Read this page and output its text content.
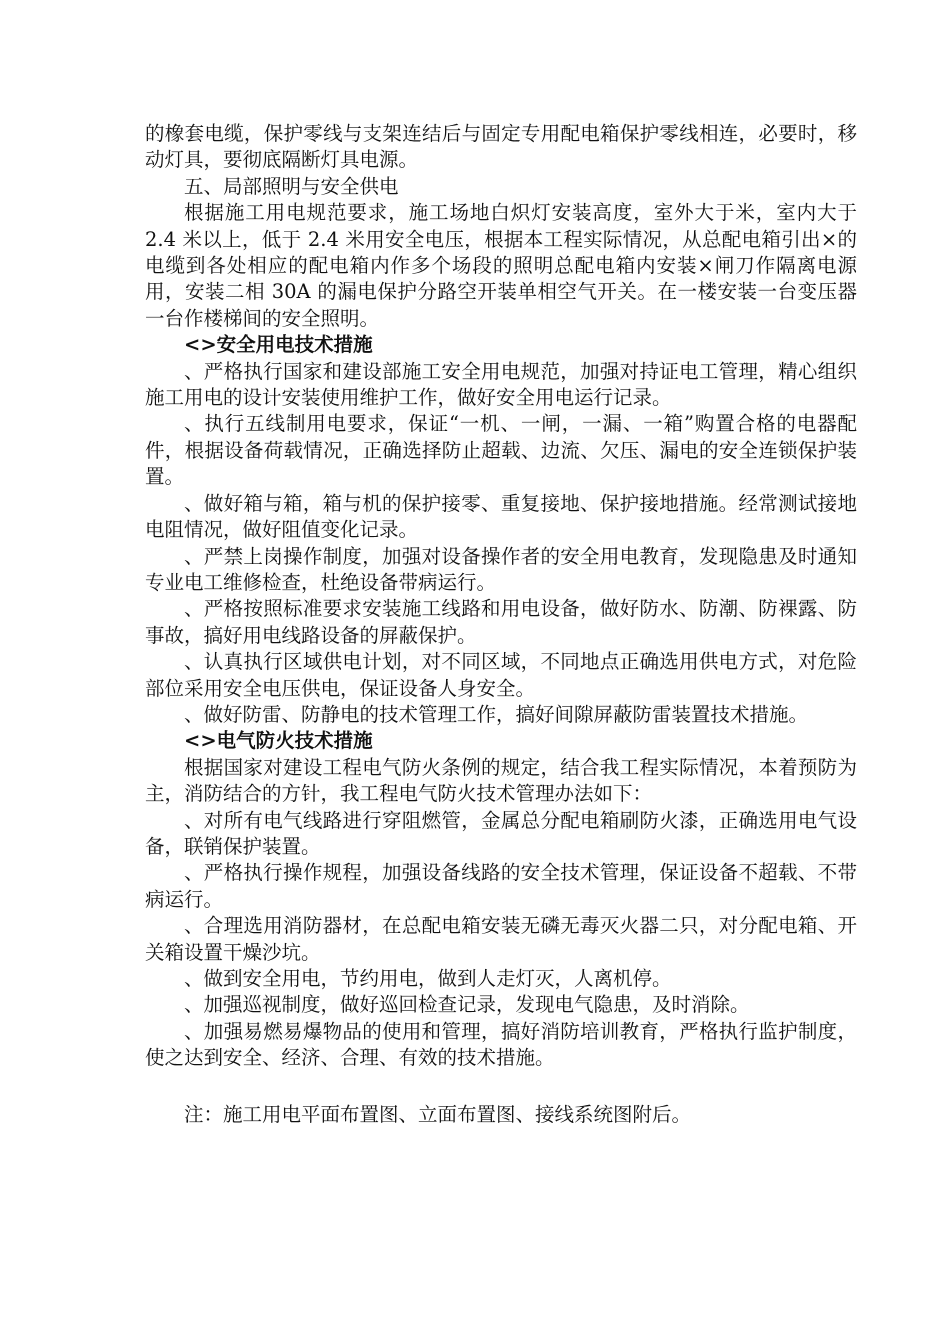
的橡套电缆，保护零线与支架连结后与固定专用配电箱保护零线相连，必要时，移动灯具，要彻底隔断灯具电源。

五、局部照明与安全供电

根据施工用电规范要求，施工场地白炽灯安装高度，室外大于米，室内大于 2.4 米以上，低于 2.4 米用安全电压，根据本工程实际情况，从总配电箱引出×的电缆到各处相应的配电箱内作多个场段的照明总配电箱内安装×闸刀作隔离电源用，安装二相 30A 的漏电保护分路空开装单相空气开关。在一楼安装一台变压器一台作楼梯间的安全照明。

<>安全用电技术措施

、严格执行国家和建设部施工安全用电规范，加强对持证电工管理，精心组织施工用电的设计安装使用维护工作，做好安全用电运行记录。

、执行五线制用电要求，保证“一机、一闸，一漏、一箱”购置合格的电器配件，根据设备荷载情况，正确选择防止超载、边流、欠压、漏电的安全连锁保护装置。

、做好箱与箱，箱与机的保护接零、重复接地、保护接地措施。经常测试接地电阻情况，做好阻值变化记录。

、严禁上岗操作制度，加强对设备操作者的安全用电教育，发现隐患及时通知专业电工维修检查，杜绝设备带病运行。

、严格按照标准要求安装施工线路和用电设备，做好防水、防潮、防裸露、防事故，搞好用电线路设备的屏蔽保护。

、认真执行区域供电计划，对不同区域，不同地点正确选用供电方式，对危险部位采用安全电压供电，保证设备人身安全。

、做好防雷、防静电的技术管理工作，搞好间隙屏蔽防雷装置技术措施。

<>电气防火技术措施

根据国家对建设工程电气防火条例的规定，结合我工程实际情况，本着预防为主，消防结合的方针，我工程电气防火技术管理办法如下：

、对所有电气线路进行穿阻燃管，金属总分配电箱刷防火漆，正确选用电气设备，联销保护装置。

、严格执行操作规程，加强设备线路的安全技术管理，保证设备不超载、不带病运行。

、合理选用消防器材，在总配电箱安装无磷无毒灭火器二只，对分配电箱、开关箱设置干燥沙坑。

、做到安全用电，节约用电，做到人走灯灭，人离机停。

、加强巡视制度，做好巡回检查记录，发现电气隐患，及时消除。

、加强易燃易爆物品的使用和管理，搞好消防培训教育，严格执行监护制度，使之达到安全、经济、合理、有效的技术措施。

注：施工用电平面布置图、立面布置图、接线系统图附后。
